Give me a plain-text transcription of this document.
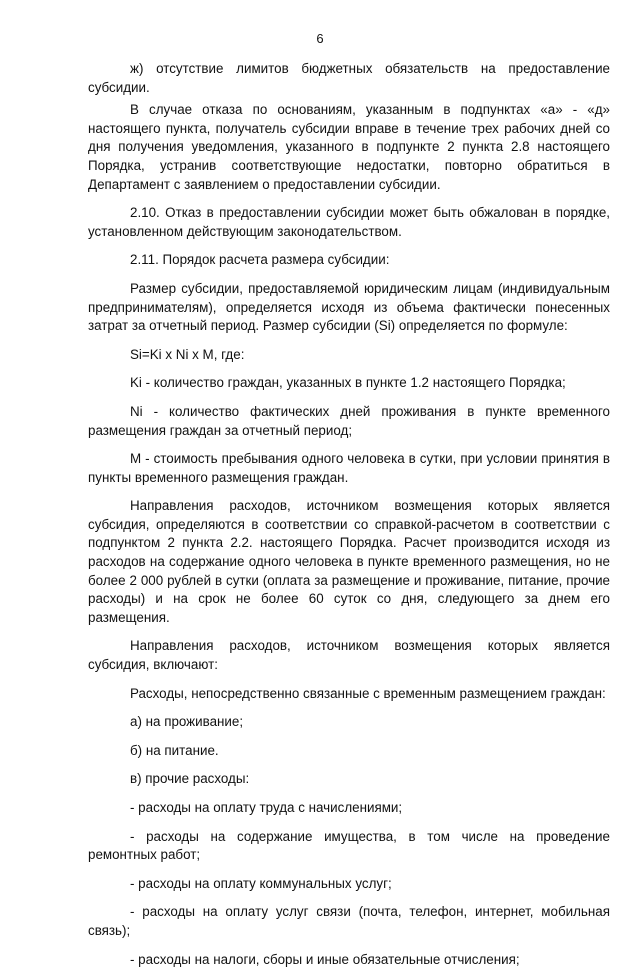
6

ж) отсутствие лимитов бюджетных обязательств на предоставление субсидии.

В случае отказа по основаниям, указанным в подпунктах «а» - «д» настоящего пункта, получатель субсидии вправе в течение трех рабочих дней со дня получения уведомления, указанного в подпункте 2 пункта 2.8 настоящего Порядка, устранив соответствующие недостатки, повторно обратиться в Департамент с заявлением о предоставлении субсидии.

2.10. Отказ в предоставлении субсидии может быть обжалован в порядке, установленном действующим законодательством.

2.11. Порядок расчета размера субсидии:

Размер субсидии, предоставляемой юридическим лицам (индивидуальным предпринимателям), определяется исходя из объема фактически понесенных затрат за отчетный период. Размер субсидии (Si) определяется по формуле:

Si=Ki x Ni x M, где:

Ki - количество граждан, указанных в пункте 1.2 настоящего Порядка;

Ni - количество фактических дней проживания в пункте временного размещения граждан за отчетный период;

M - стоимость пребывания одного человека в сутки, при условии принятия в пункты временного размещения граждан.

Направления расходов, источником возмещения которых является субсидия, определяются в соответствии со справкой-расчетом в соответствии с подпунктом 2 пункта 2.2. настоящего Порядка. Расчет производится исходя из расходов на содержание одного человека в пункте временного размещения, но не более 2 000 рублей в сутки (оплата за размещение и проживание, питание, прочие расходы) и на срок не более 60 суток со дня, следующего за днем его размещения.

Направления расходов, источником возмещения которых является субсидия, включают:

Расходы, непосредственно связанные с временным размещением граждан:

а) на проживание;

б) на питание.

в) прочие расходы:

- расходы на оплату труда с начислениями;

- расходы на содержание имущества, в том числе на проведение ремонтных работ;

- расходы на оплату коммунальных услуг;

- расходы на оплату услуг связи (почта, телефон, интернет, мобильная связь);

- расходы на налоги, сборы и иные обязательные отчисления;
